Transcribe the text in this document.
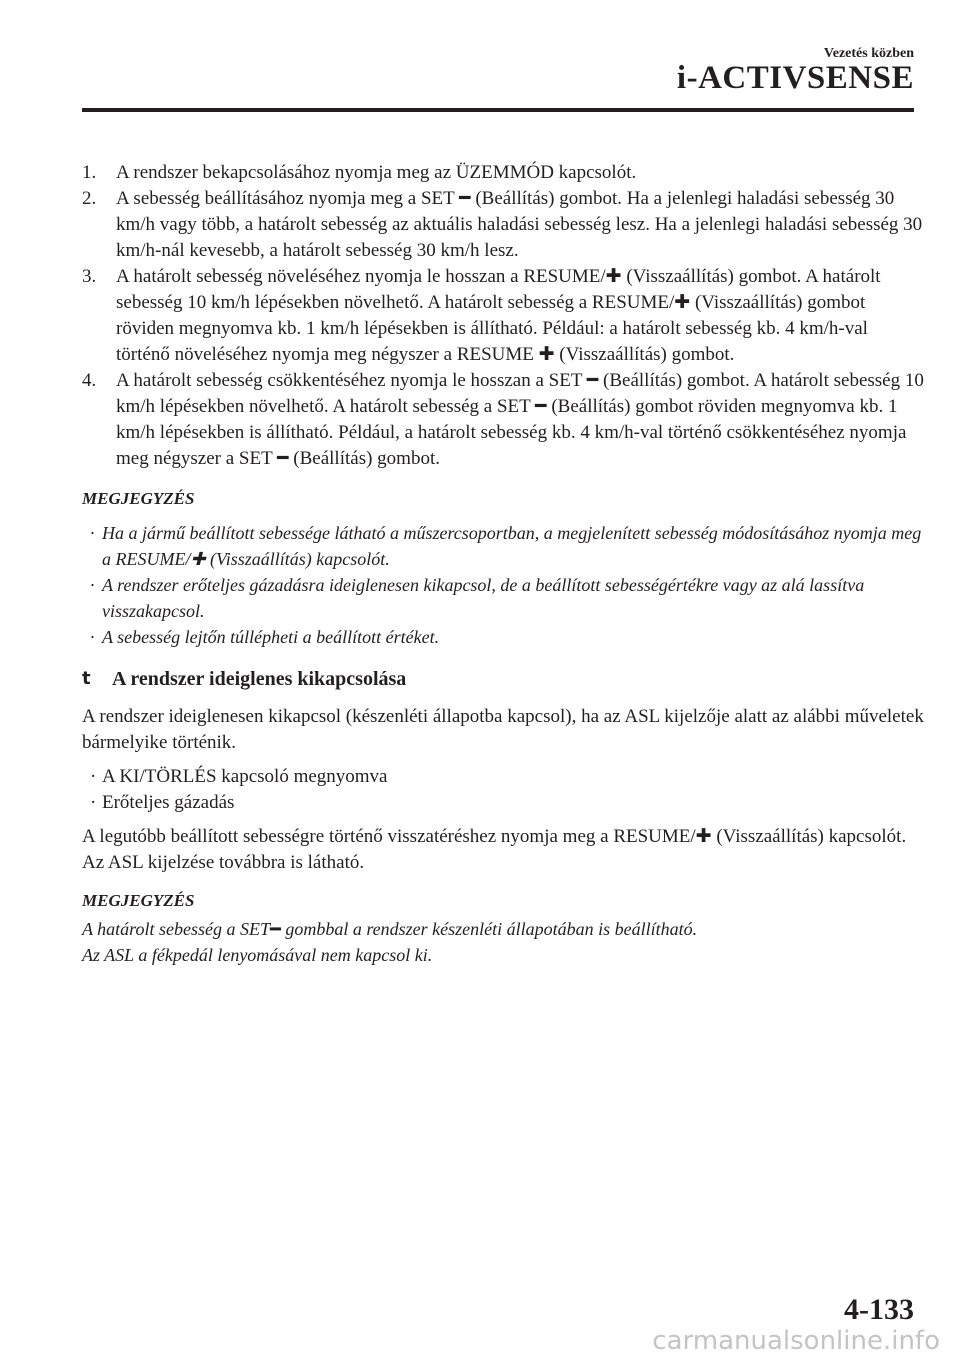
Vezetés közben
i-ACTIVSENSE
1. A rendszer bekapcsolásához nyomja meg az ÜZEMMÓD kapcsolót.
2. A sebesség beállításához nyomja meg a SET ━ (Beállítás) gombot. Ha a jelenlegi haladási sebesség 30 km/h vagy több, a határolt sebesség az aktuális haladási sebesség lesz. Ha a jelenlegi haladási sebesség 30 km/h-nál kevesebb, a határolt sebesség 30 km/h lesz.
3. A határolt sebesség növeléséhez nyomja le hosszan a RESUME/✚ (Visszaállítás) gombot. A határolt sebesség 10 km/h lépésekben növelhető. A határolt sebesség a RESUME/✚ (Visszaállítás) gombot röviden megnyomva kb. 1 km/h lépésekben is állítható. Például: a határolt sebesség kb. 4 km/h-val történő növeléséhez nyomja meg négyszer a RESUME ✚ (Visszaállítás) gombot.
4. A határolt sebesség csökkentéséhez nyomja le hosszan a SET ━ (Beállítás) gombot. A határolt sebesség 10 km/h lépésekben növelhető. A határolt sebesség a SET ━ (Beállítás) gombot röviden megnyomva kb. 1 km/h lépésekben is állítható. Például, a határolt sebesség kb. 4 km/h-val történő csökkentéséhez nyomja meg négyszer a SET ━ (Beállítás) gombot.
MEGJEGYZÉS
· Ha a jármű beállított sebessége látható a műszercsoportban, a megjelenített sebesség módosításához nyomja meg a RESUME/✚ (Visszaállítás) kapcsolót.
· A rendszer erőteljes gázadásra ideiglenesen kikapcsol, de a beállított sebességértékre vagy az alá lassítva visszakapcsol.
· A sebesség lejtőn túllépheti a beállított értéket.
t A rendszer ideiglenes kikapcsolása

A rendszer ideiglenesen kikapcsol (készenléti állapotba kapcsol), ha az ASL kijelzője alatt az alábbi műveletek bármelyike történik.

· A KI/TÖRLÉS kapcsoló megnyomva
· Erőteljes gázadás

A legutóbb beállított sebességre történő visszatéréshez nyomja meg a RESUME/✚ (Visszaállítás) kapcsolót. Az ASL kijelzése továbbra is látható.

MEGJEGYZÉS

A határolt sebesség a SET━ gombbal a rendszer készenléti állapotában is beállítható.

Az ASL a fékpedál lenyomásával nem kapcsol ki.

4-133
carmanualsonline.info
